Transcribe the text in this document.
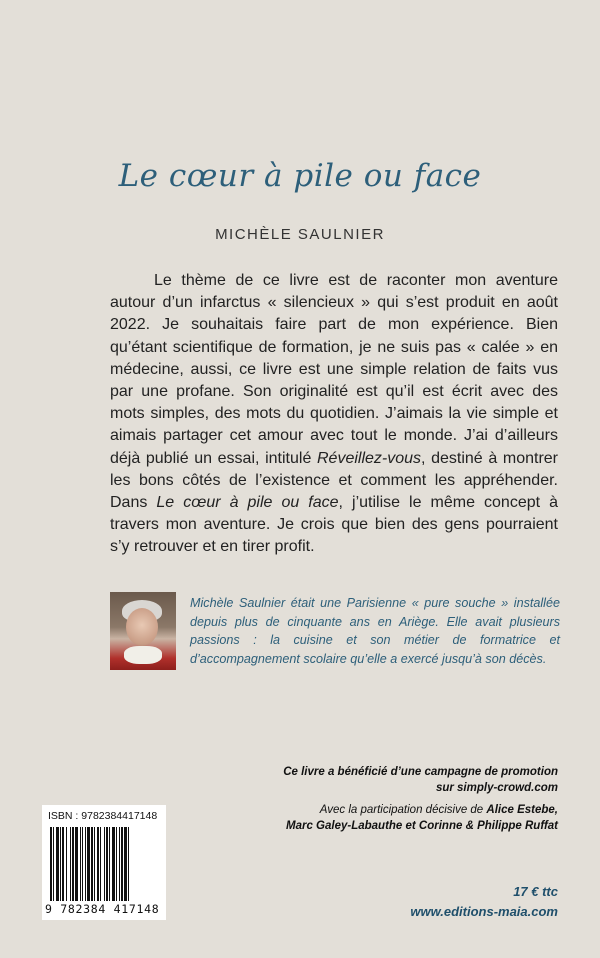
Le cœur à pile ou face
MICHÈLE SAULNIER

Le thème de ce livre est de raconter mon aventure autour d’un infarctus « silencieux » qui s’est produit en août 2022. Je souhaitais faire part de mon expérience. Bien qu’étant scientifique de formation, je ne suis pas « calée » en médecine, aussi, ce livre est une simple relation de faits vus par une profane. Son originalité est qu’il est écrit avec des mots simples, des mots du quotidien. J’aimais la vie simple et aimais partager cet amour avec tout le monde. J’ai d’ailleurs déjà publié un essai, intitulé Réveillez-vous, destiné à montrer les bons côtés de l’existence et comment les appréhender. Dans Le cœur à pile ou face, j’utilise le même concept à travers mon aventure. Je crois que bien des gens pourraient s’y retrouver et en tirer profit.

Michèle Saulnier était une Parisienne « pure souche » installée depuis plus de cinquante ans en Ariège. Elle avait plusieurs passions : la cuisine et son métier de formatrice et d’accompagnement scolaire qu’elle a exercé jusqu’à son décès.
Ce livre a bénéficié d’une campagne de promotion
sur simply-crowd.com
Avec la participation décisive de Alice Estebe,
Marc Galey-Labauthe et Corinne & Philippe Ruffat
ISBN : 9782384417148
9 782384 417148
17 € ttc
www.editions-maia.com
